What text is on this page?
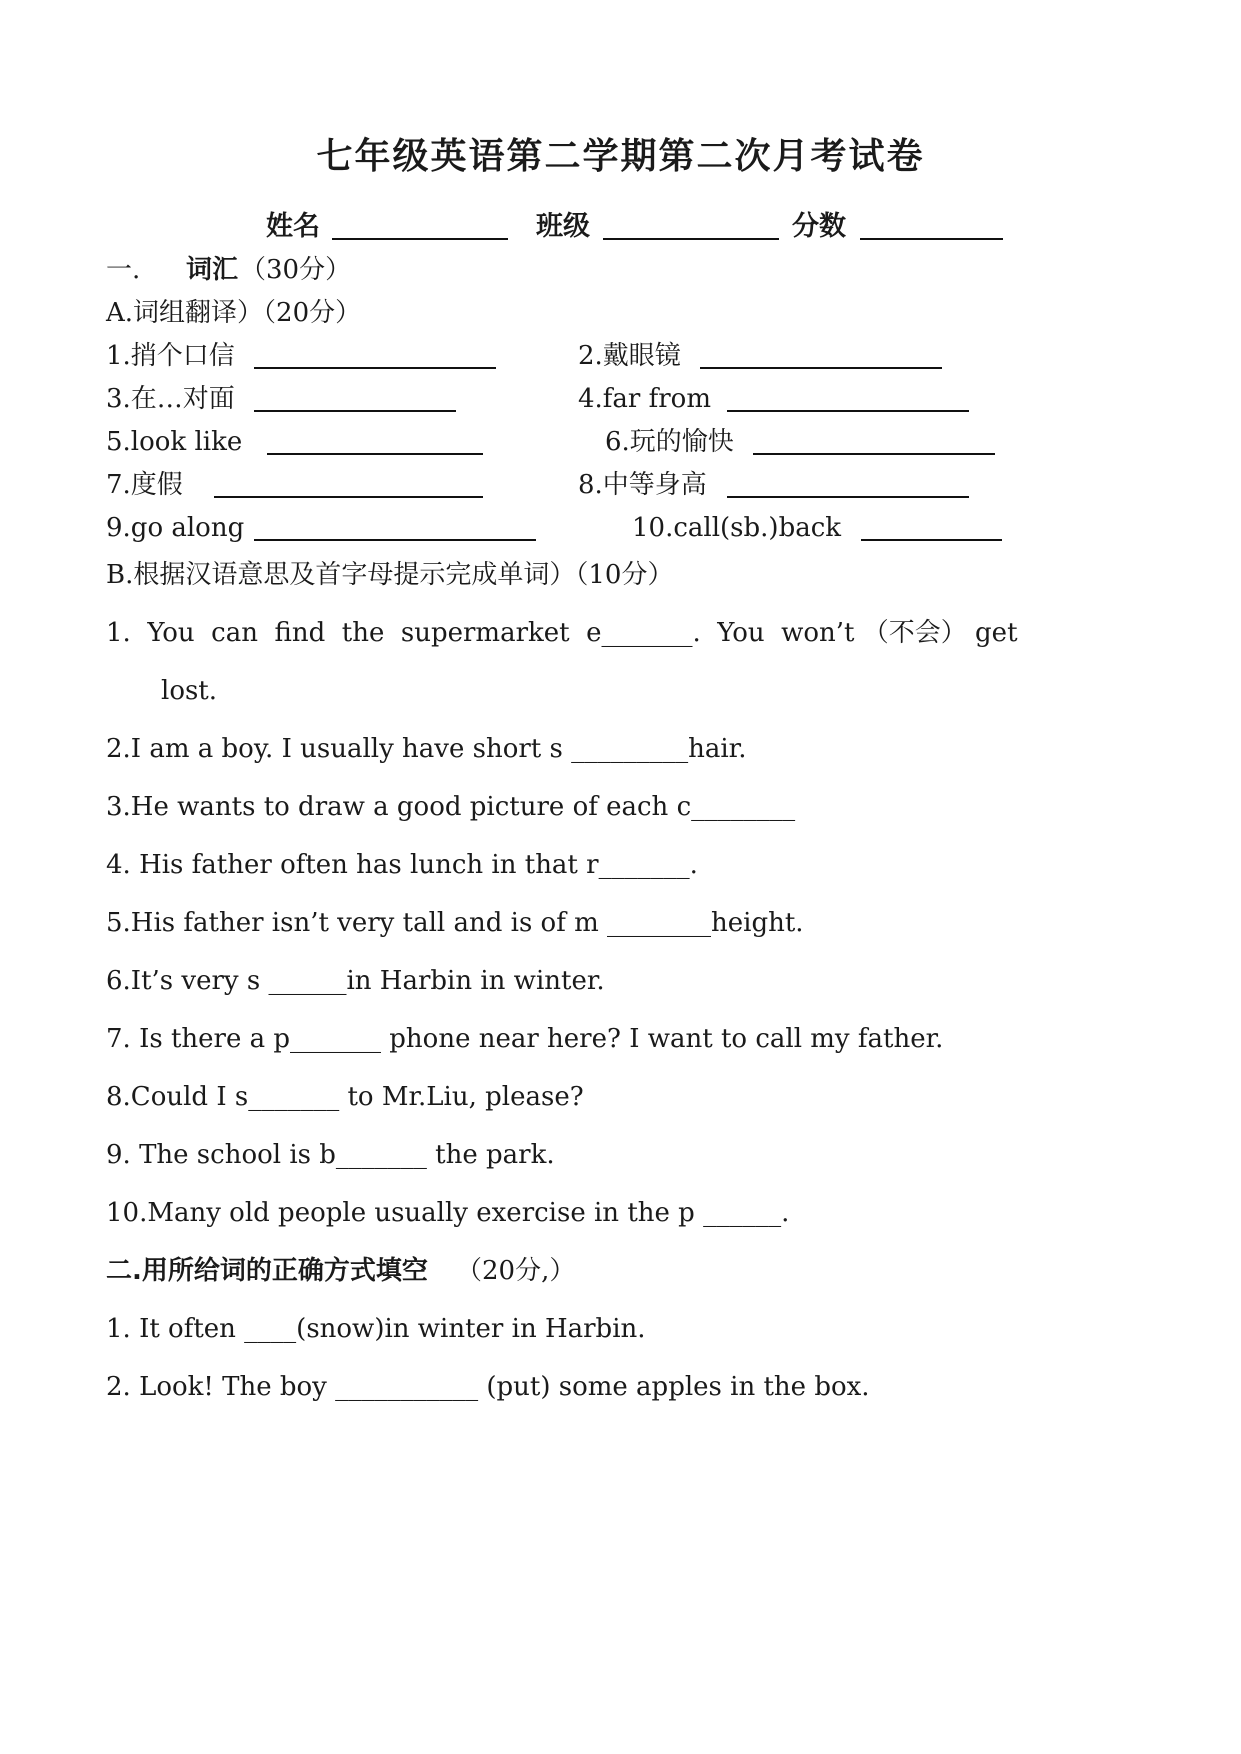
七年级英语第二学期第二次月考试卷
姓名	班级	分数
一. 词汇 （30分）
A.词组翻译）（20分）
1.捎个口信	2.戴眼镜
3.在…对面	4.far from
5.look like	6.玩的愉快
7.度假	8.中等身高
9.go along	10.call(sb.)back
B.根据汉语意思及首字母提示完成单词）（10分）
1.  You  can  find  the  supermarket  e_______.  You  won’t （不会） get
lost.
2.I am a boy. I usually have short s _________hair.
3.He wants to draw a good picture of each c________
4. His father often has lunch in that r_______.
5.His father isn’t very tall and is of m ________height.
6.It’s very s ______in Harbin in winter.
7. Is there a p_______ phone near here? I want to call my father.
8.Could I s_______ to Mr.Liu, please?
9. The school is b_______ the park.
10.Many old people usually exercise in the p ______.
二.用所给词的正确方式填空 （20分,）
1. It often ____(snow)in winter in Harbin.
2. Look! The boy ___________ (put) some apples in the box.
